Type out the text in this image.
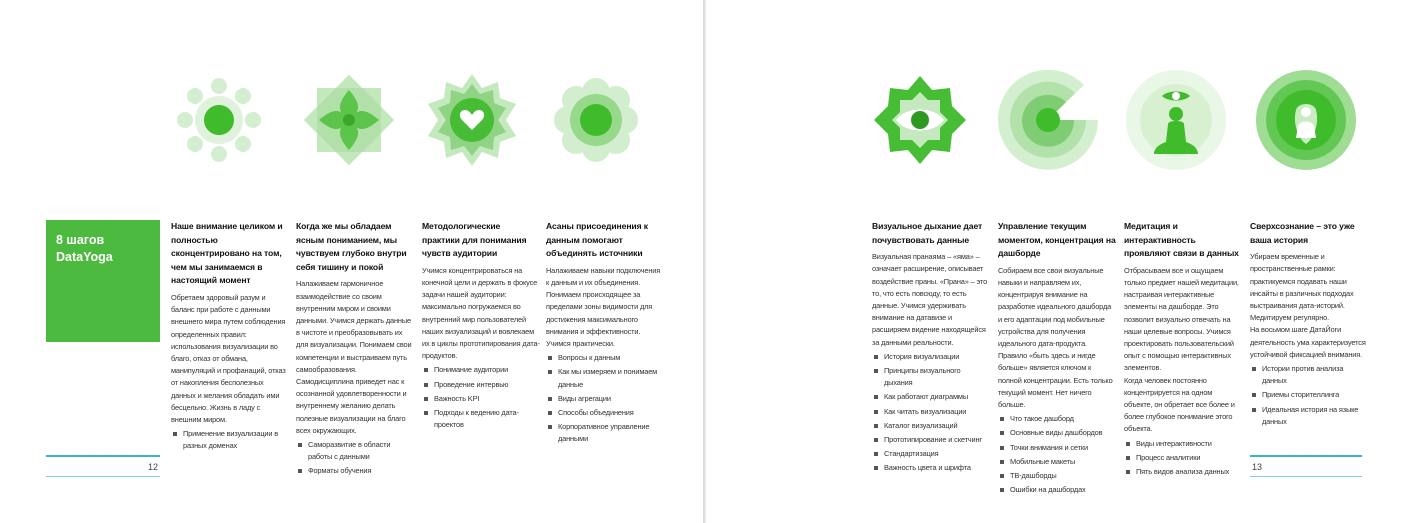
8 шагов
DataYoga
Наше внимание целиком и полностью сконцентрировано на том, чем мы занимаемся в настоящий момент

Обретаем здоровый разум и баланс при работе с данными внешнего мира путем соблюдения определенных правил: использования визуализации во благо, отказ от обмана, манипуляций и профанаций, отказ от накопления бесполезных данных и желания обладать ими бесцельно. Жизнь в ладу с внешним миром.

Применение визуализации в разных доменах
Когда же мы обладаем ясным пониманием, мы чувствуем глубоко внутри себя тишину и покой

Налаживаем гармоничное взаимодействие со своим внутренним миром и своими данными. Учимся держать данные в чистоте и преобразовывать их для визуализации. Понимаем свои компетенции и выстраиваем путь самообразования. Самодисциплина приведет нас к осознанной удовлетворенности и внутреннему желанию делать полезные визуализации на благо всех окружающих.

Саморазвитие в области работы с данными
Форматы обучения
Методологические практики для понимания чувств аудитории

Учимся концентрироваться на конечной цели и держать в фокусе задачи нашей аудитории: максимально погружаемся во внутренний мир пользователей наших визуализаций и вовлекаем их в циклы прототипирования дата-продуктов.

Понимание аудитории
Проведение интервью
Важность KPI
Подходы к ведению дата-проектов
Асаны присоединения к данным помогают объединять источники

Налаживаем навыки подключения к данным и их объединения. Понимаем происходящее за пределами зоны видимости для достижения максимального внимания и эффективности. Учимся практически.

Вопросы к данным
Как мы измеряем и понимаем данные
Виды агрегации
Способы объединения
Корпоративное управление данными
12
Визуальное дыхание дает почувствовать данные

Визуальная пранаяма – «яма» – означает расширение, описывает воздействие праны. «Прана» – это то, что есть повсюду, то есть данные. Учимся удерживать внимание на датавизе и расширяем видение находящейся за данными реальности.

История визуализации
Принципы визуального дыхания
Как работают диаграммы
Как читать визуализации
Каталог визуализаций
Прототипирование и скетчинг
Стандартизация
Важность цвета и шрифта
Управление текущим моментом, концентрация на дашборде

Собираем все свои визуальные навыки и направляем их, концентрируя внимание на разработке идеального дашборда и его адаптации под мобильные устройства для получения идеального дата-продукта. Правило «быть здесь и нигде больше» является ключом к полной концентрации. Есть только текущий момент. Нет ничего больше.

Что такое дашборд
Основные виды дашбордов
Точки внимания и сетки
Мобильные макеты
ТВ-дашборды
Ошибки на дашбордах
Медитация и интерактивность проявляют связи в данных

Отбрасываем все и ощущаем только предмет нашей медитации, настраивая интерактивные элементы на дашборде. Это позволит визуально отвечать на наши целевые вопросы. Учимся проектировать пользовательский опыт с помощью интерактивных элементов.

Когда человек постоянно концентрируется на одном объекте, он обретает все более и более глубокое понимание этого объекта.

Виды интерактивности
Процесс аналитики
Пять видов анализа данных
Сверхсознание – это уже ваша история

Убираем временные и пространственные рамки: практикуемся подавать наши инсайты в различных подходах выстраивания дата-историй. Медитируем регулярно.

На восьмом шаге ДатаЙоги деятельность ума характеризуется устойчивой фиксацией внимания.

Истории против анализа данных
Приемы сторителлинга
Идеальная история на языке данных
13
